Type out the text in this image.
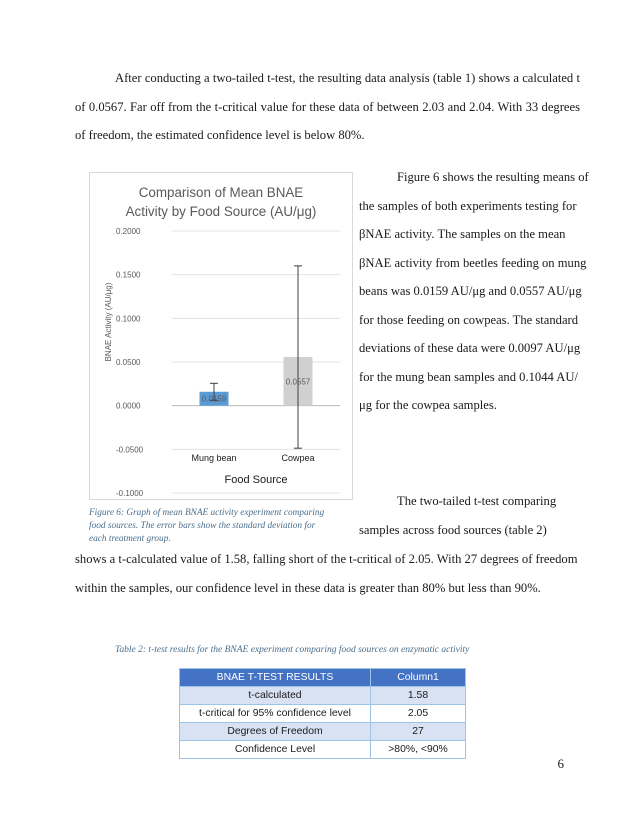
After conducting a two-tailed t-test, the resulting data analysis (table 1) shows a calculated t of 0.0567. Far off from the t-critical value for these data of between 2.03 and 2.04. With 33 degrees of freedom, the estimated confidence level is below 80%.

Comparison of Mean BNAE
Activity by Food Source (AU/μg)
-0.1000
-0.0500
0.0000
0.0500
0.1000
0.1500
0.2000
0.0159
Mung bean
0.0557
Cowpea
Food Source
BNAE Activity (AU/μg)

Figure 6 shows the resulting means of the samples of both experiments testing for βNAE activity. The samples on the mean βNAE activity from beetles feeding on mung beans was 0.0159 AU/μg and 0.0557 AU/μg for those feeding on cowpeas. The standard deviations of these data were 0.0097 AU/μg for the mung bean samples and 0.1044 AU/μg for the cowpea samples.

Figure 6: Graph of mean BNAE activity experiment comparing food sources. The error bars show the standard deviation for each treatment group.

The two-tailed t-test comparing samples across food sources (table 2)

shows a t-calculated value of 1.58, falling short of the t-critical of 2.05. With 27 degrees of freedom within the samples, our confidence level in these data is greater than 80% but less than 90%.

Table 2: t-test results for the BNAE experiment comparing food sources on enzymatic activity
BNAE T-TEST RESULTS	Column1
t-calculated	1.58
t-critical for 95% confidence level	2.05
Degrees of Freedom	27
Confidence Level	>80%, <90%
6
